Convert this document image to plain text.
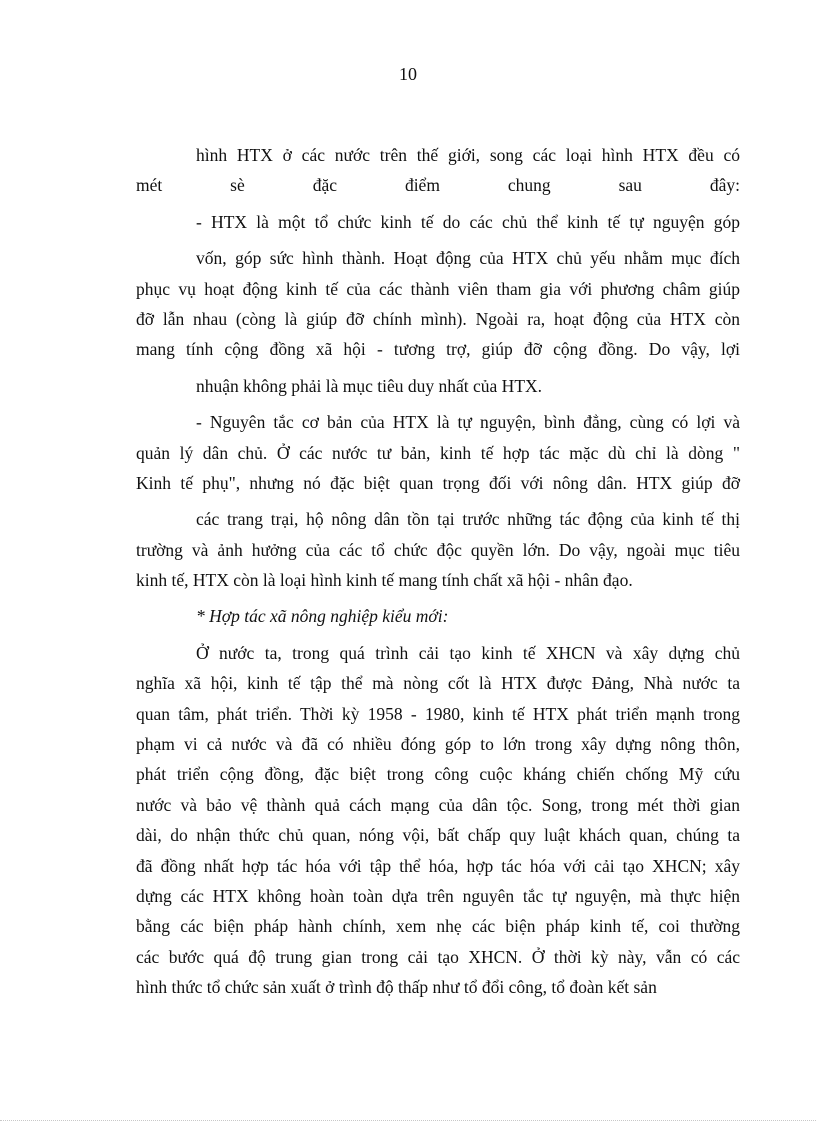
10
hình HTX ở các nước trên thế giới, song các loại hình HTX đều có
mét sè đặc điểm chung sau đây:
- HTX là một tổ chức kinh tế do các chủ thể kinh tế tự nguyện góp
vốn, góp sức hình thành. Hoạt động của HTX chủ yếu nhằm mục đích
phục vụ hoạt động kinh tế của các thành viên tham gia với phương châm giúp
đỡ lẫn nhau (còng là giúp đỡ chính mình). Ngoài ra, hoạt động của HTX còn
mang tính cộng đồng xã hội - tương trợ, giúp đỡ cộng đồng. Do vậy, lợi
nhuận không phải là mục tiêu duy nhất của HTX.
- Nguyên tắc cơ bản của HTX là tự nguyện, bình đẳng, cùng có lợi và
quản lý dân chủ. Ở các nước tư bản, kinh tế hợp tác mặc dù chỉ là dòng "
Kinh tế phụ", nhưng nó đặc biệt quan trọng đối với nông dân. HTX giúp đỡ
các trang trại, hộ nông dân tồn tại trước những tác động của kinh tế thị
trường và ảnh hưởng của các tổ chức độc quyền lớn. Do vậy, ngoài mục tiêu
kinh tế, HTX còn là loại hình kinh tế mang tính chất xã hội - nhân đạo.
* Hợp tác xã nông nghiệp kiểu mới:
Ở nước ta, trong quá trình cải tạo kinh tế XHCN và xây dựng chủ
nghĩa xã hội, kinh tế tập thể mà nòng cốt là HTX được Đảng, Nhà nước ta
quan tâm, phát triển. Thời kỳ 1958 - 1980, kinh tế HTX phát triển mạnh trong
phạm vi cả nước và đã có nhiều đóng góp to lớn trong xây dựng nông thôn,
phát triển cộng đồng, đặc biệt trong công cuộc kháng chiến chống Mỹ cứu
nước và bảo vệ thành quả cách mạng của dân tộc. Song, trong mét thời gian
dài, do nhận thức chủ quan, nóng vội, bất chấp quy luật khách quan, chúng ta
đã đồng nhất hợp tác hóa với tập thể hóa, hợp tác hóa với cải tạo XHCN; xây
dựng các HTX không hoàn toàn dựa trên nguyên tắc tự nguyện, mà thực hiện
bằng các biện pháp hành chính, xem nhẹ các biện pháp kinh tế, coi thường
các bước quá độ trung gian trong cải tạo XHCN. Ở thời kỳ này, vẫn có các
hình thức tổ chức sản xuất ở trình độ thấp như tổ đổi công, tổ đoàn kết sản
